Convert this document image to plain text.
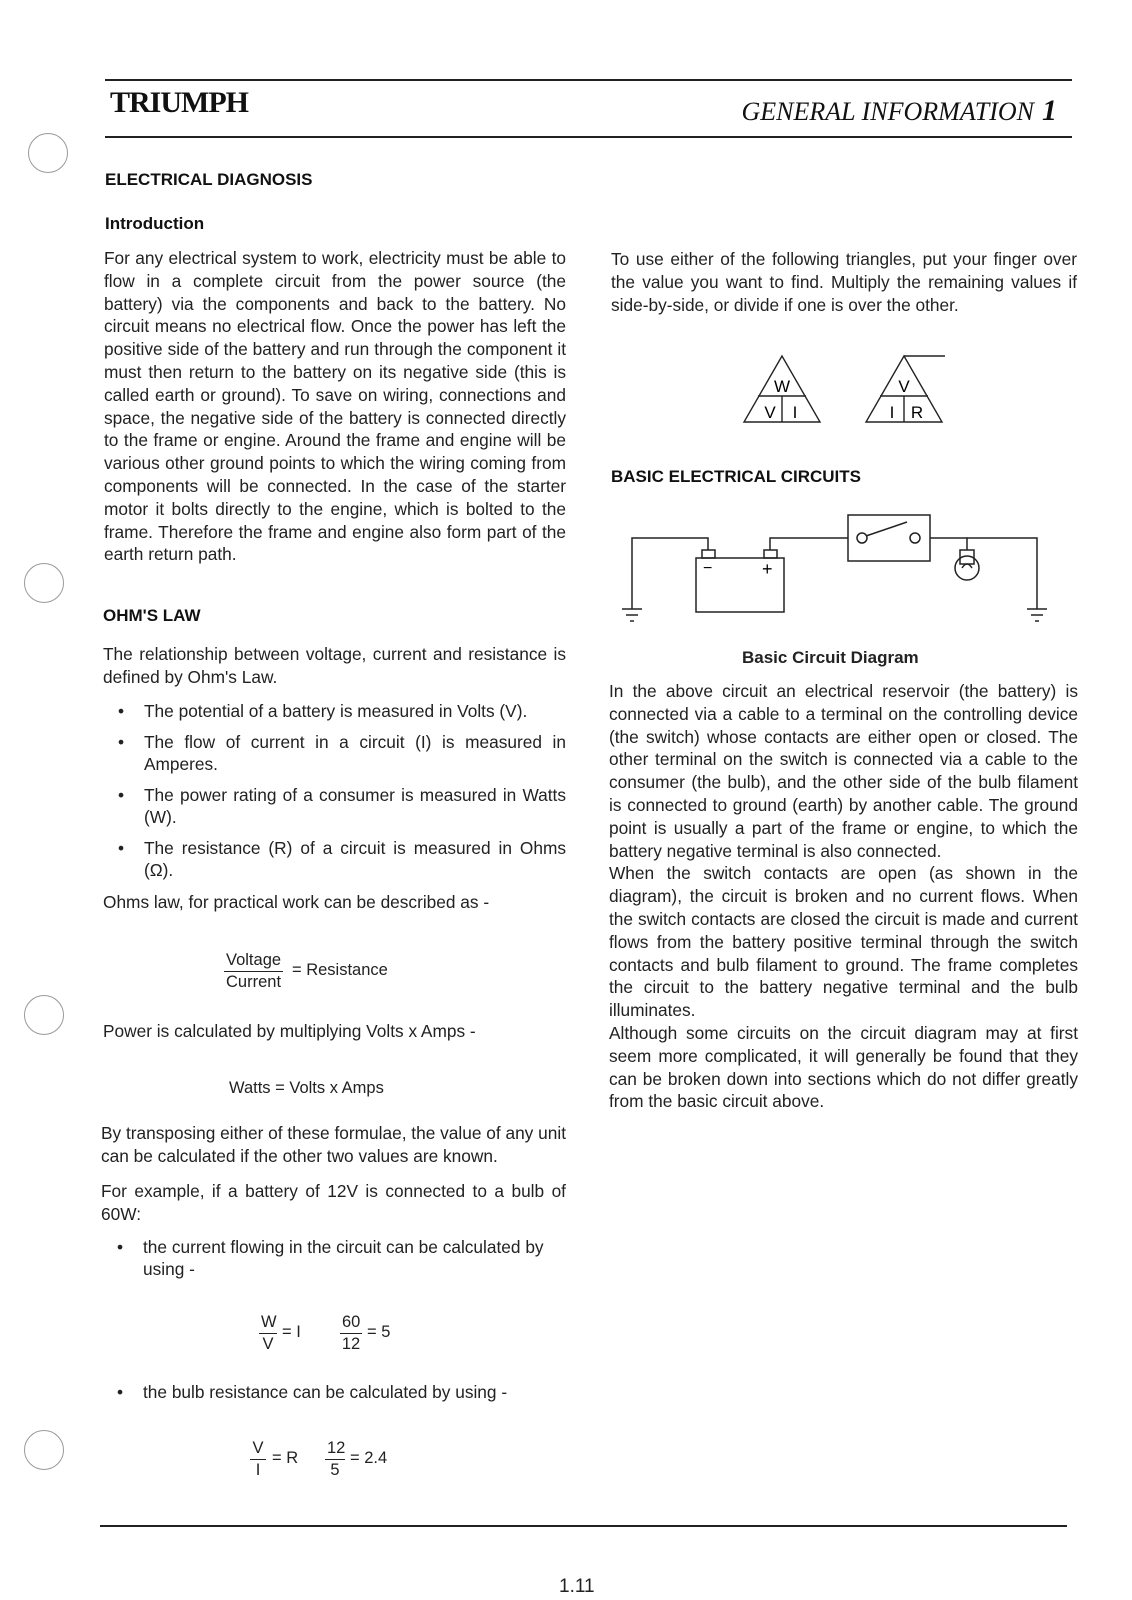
TRIUMPH	GENERAL INFORMATION 1
ELECTRICAL DIAGNOSIS
Introduction

For any electrical system to work, electricity must be able to flow in a complete circuit from the power source (the battery) via the components and back to the battery. No circuit means no electrical flow. Once the power has left the positive side of the battery and run through the component it must then return to the battery on its negative side (this is called earth or ground). To save on wiring, connections and space, the negative side of the battery is connected directly to the frame or engine. Around the frame and engine will be various other ground points to which the wiring coming from components will be connected. In the case of the starter motor it bolts directly to the engine, which is bolted to the frame. Therefore the frame and engine also form part of the earth return path.

OHM'S LAW

The relationship between voltage, current and resistance is defined by Ohm's Law.

• The potential of a battery is measured in Volts (V).
• The flow of current in a circuit (I) is measured in Amperes.
• The power rating of a consumer is measured in Watts (W).
• The resistance (R) of a circuit is measured in Ohms (Ω).

Ohms law, for practical work can be described as -

Voltage
Current
= Resistance

Power is calculated by multiplying Volts x Amps -

Watts = Volts x Amps

By transposing either of these formulae, the value of any unit can be calculated if the other two values are known.

For example, if a battery of 12V is connected to a bulb of 60W:

• the current flowing in the circuit can be calculated by using -
$\frac{W}{V} = I \frac{60}{12} = 5$
• the bulb resistance can be calculated by using -
$\frac{V}{I} = R \frac{12}{5} = 2.4$

To use either of the following triangles, put your finger over the value you want to find. Multiply the remaining values if side-by-side, or divide if one is over the other.

W
V I
V
I R
BASIC ELECTRICAL CIRCUITS
−	+
Basic Circuit Diagram

In the above circuit an electrical reservoir (the battery) is connected via a cable to a terminal on the controlling device (the switch) whose contacts are either open or closed. The other terminal on the switch is connected via a cable to the consumer (the bulb), and the other side of the bulb filament is connected to ground (earth) by another cable. The ground point is usually a part of the frame or engine, to which the battery negative terminal is also connected.

When the switch contacts are open (as shown in the diagram), the circuit is broken and no current flows. When the switch contacts are closed the circuit is made and current flows from the battery positive terminal through the switch contacts and bulb filament to ground. The frame completes the circuit to the battery negative terminal and the bulb illuminates.

Although some circuits on the circuit diagram may at first seem more complicated, it will generally be found that they can be broken down into sections which do not differ greatly from the basic circuit above.

1.11
